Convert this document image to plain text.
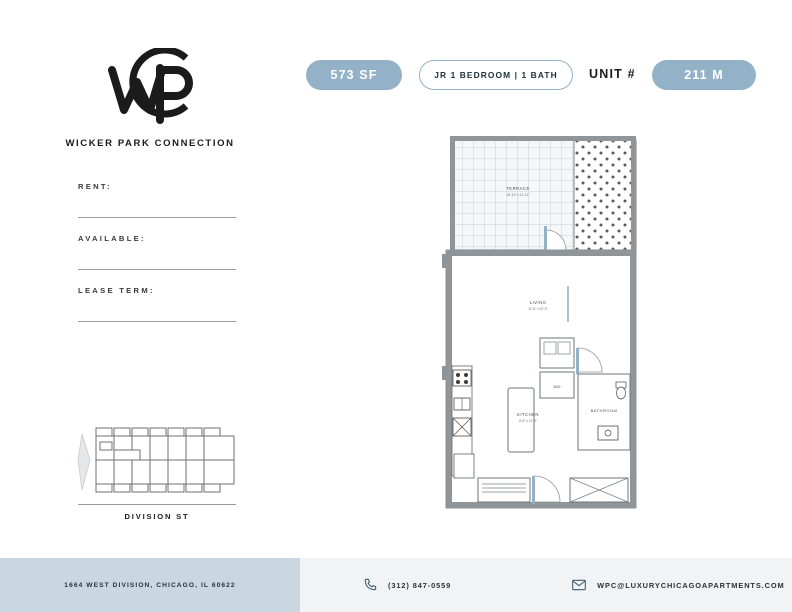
WICKER PARK CONNECTION
RENT:
AVAILABLE:
LEASE TERM:
DIVISION ST
573 SF	JR 1 BEDROOM | 1 BATH	UNIT #	211 M
TERRACE
15'-10" x 11'-11"
LIVING
11'-6" x 12'-0"
KITCHEN
8'-5" x 12'-9"
W/D
BATHROOM
1664 WEST DIVISION, CHICAGO, IL 60622	(312) 847-0559	WPC@LUXURYCHICAGOAPARTMENTS.COM
